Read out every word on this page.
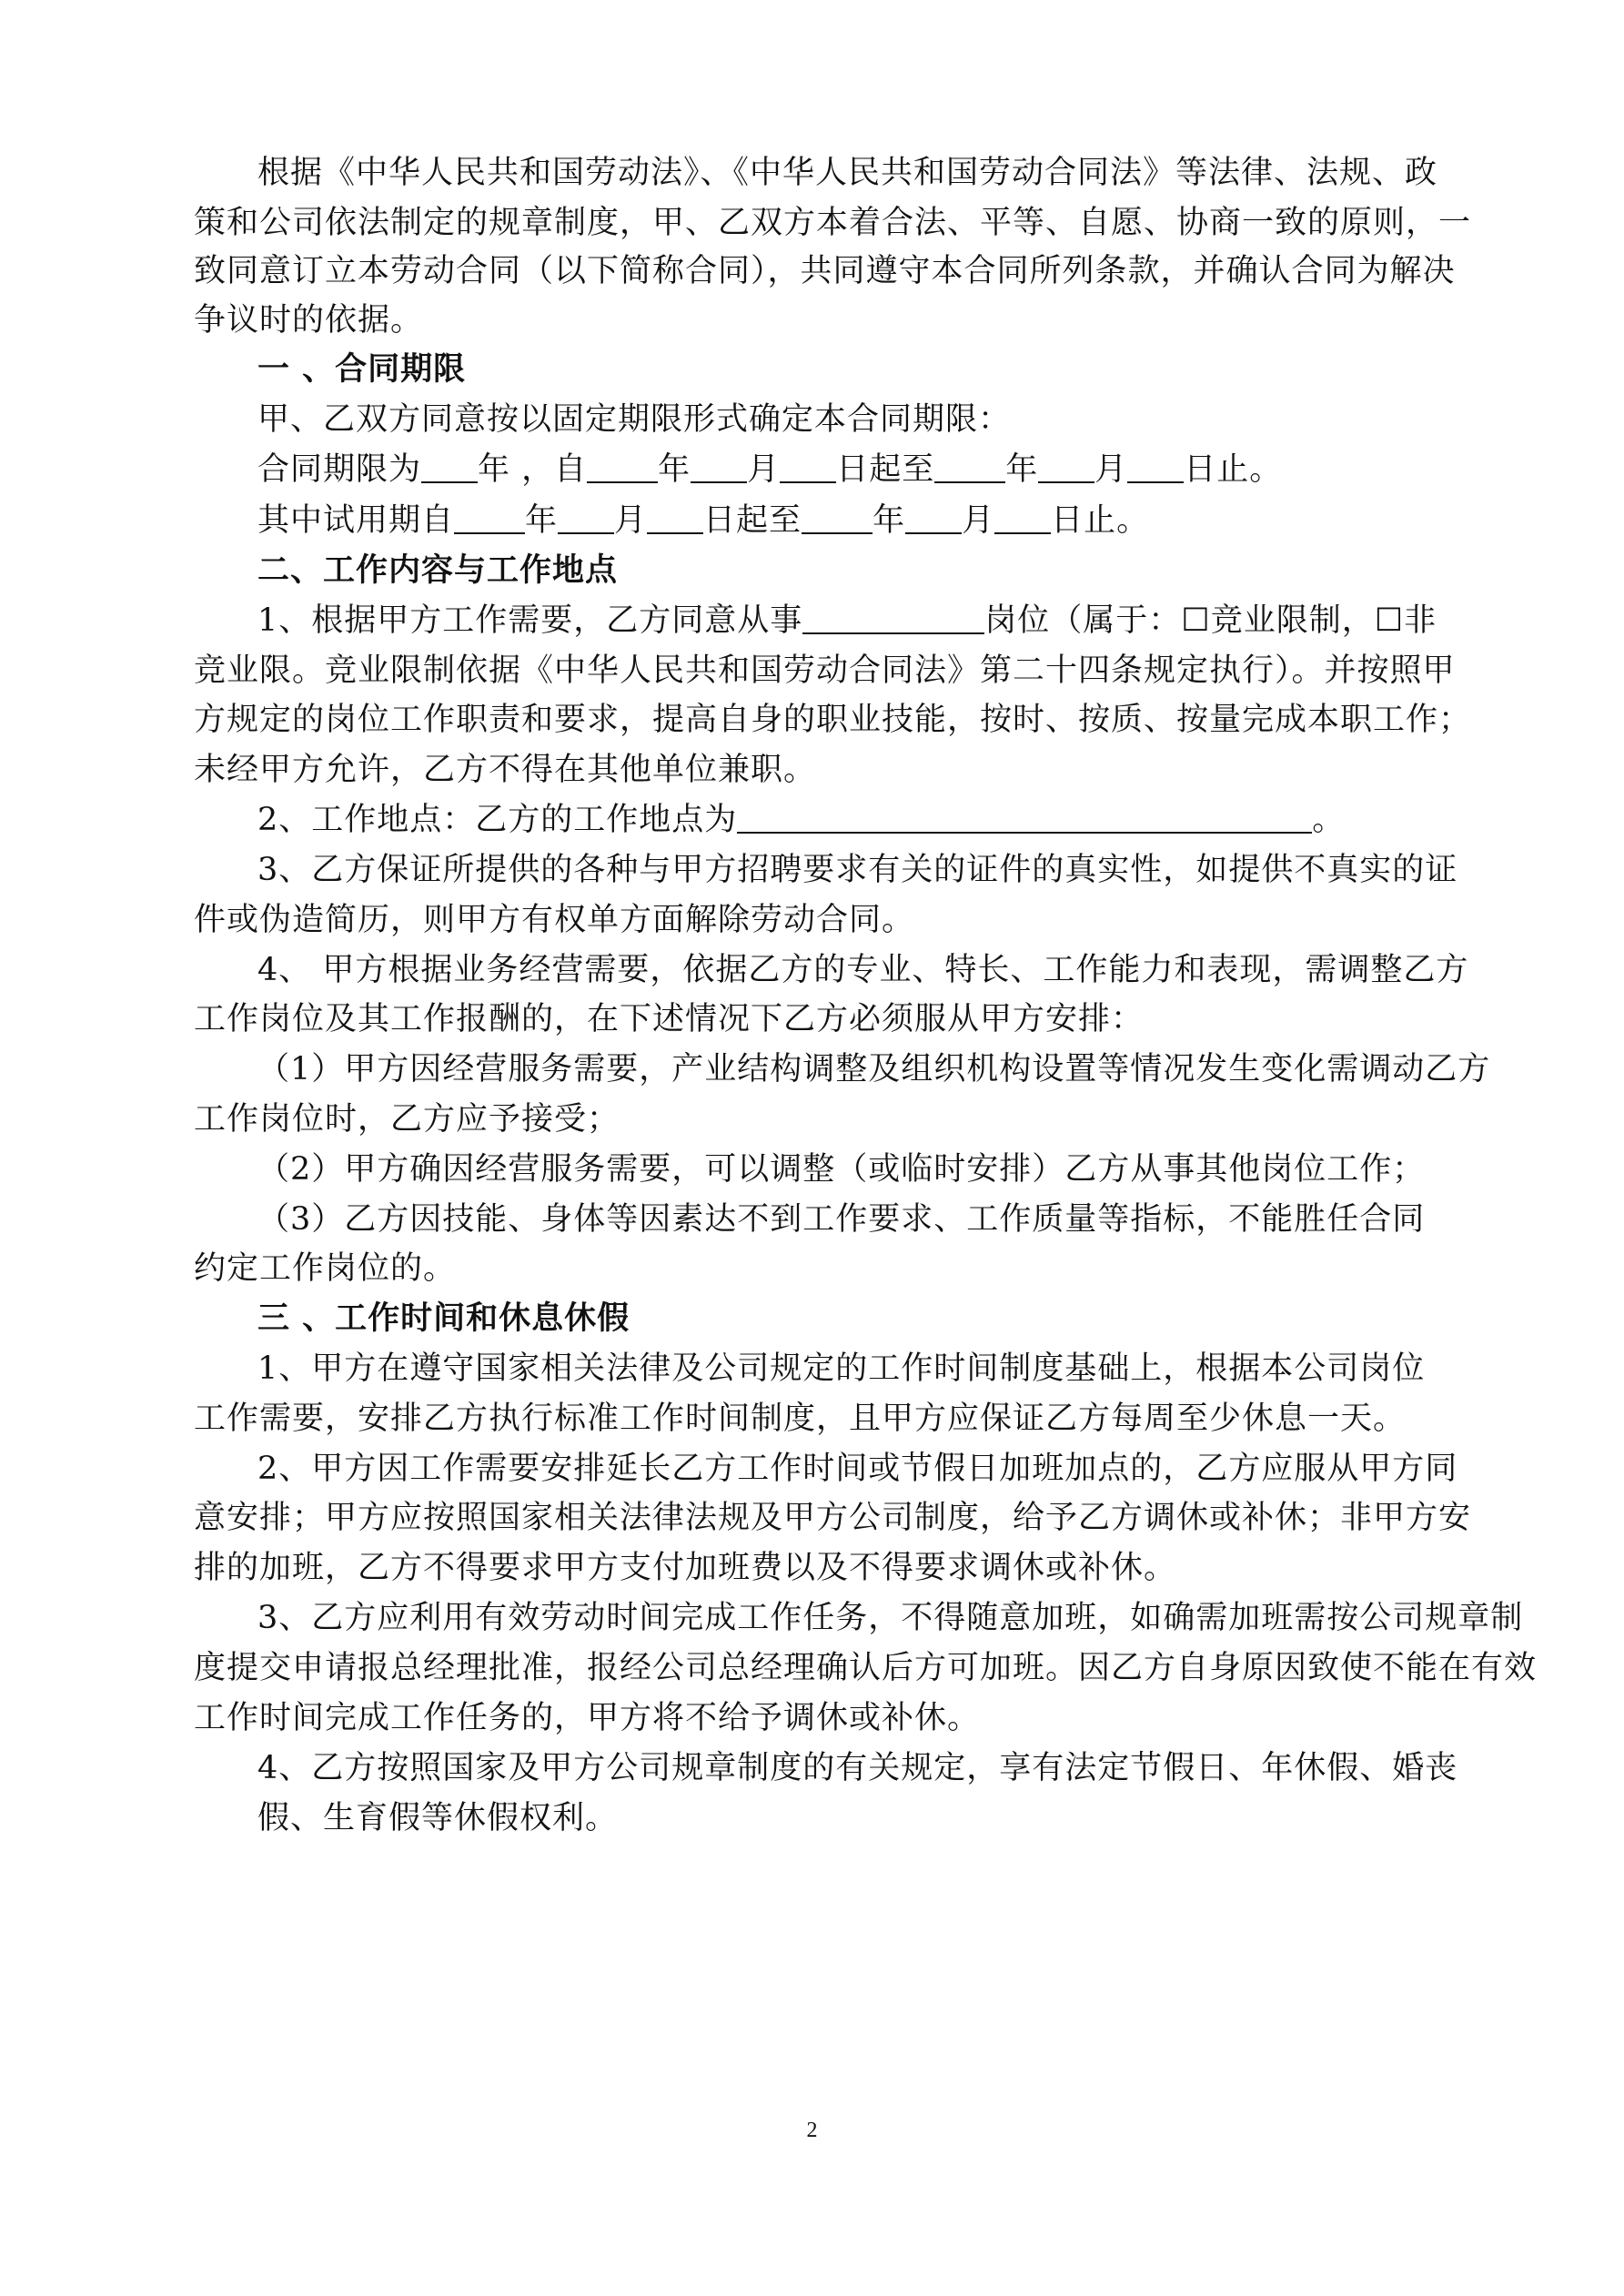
根据《中华人民共和国劳动法》、《中华人民共和国劳动合同法》等法律、法规、政

策和公司依法制定的规章制度，甲、乙双方本着合法、平等、自愿、协商一致的原则，一

致同意订立本劳动合同（以下简称合同），共同遵守本合同所列条款，并确认合同为解决

争议时的依据。

一 、合同期限

甲、乙双方同意按以固定期限形式确定本合同期限：

合同期限为 年 ，自 年 月 日起至 年 月 日止。

其中试用期自 年 月 日起至 年 月 日止。

二、工作内容与工作地点

1、根据甲方工作需要，乙方同意从事	岗位（属于：☐竞业限制，☐非

竞业限。竞业限制依据《中华人民共和国劳动合同法》第二十四条规定执行）。并按照甲

方规定的岗位工作职责和要求，提高自身的职业技能，按时、按质、按量完成本职工作；

未经甲方允许，乙方不得在其他单位兼职。

2、工作地点：乙方的工作地点为	。

3、乙方保证所提供的各种与甲方招聘要求有关的证件的真实性，如提供不真实的证

件或伪造简历，则甲方有权单方面解除劳动合同。

4、 甲方根据业务经营需要，依据乙方的专业、特长、工作能力和表现，需调整乙方

工作岗位及其工作报酬的，在下述情况下乙方必须服从甲方安排：

（1）甲方因经营服务需要，产业结构调整及组织机构设置等情况发生变化需调动乙方

工作岗位时，乙方应予接受；

（2）甲方确因经营服务需要，可以调整（或临时安排）乙方从事其他岗位工作；

（3）乙方因技能、身体等因素达不到工作要求、工作质量等指标，不能胜任合同

约定工作岗位的。

三 、工作时间和休息休假

1、甲方在遵守国家相关法律及公司规定的工作时间制度基础上，根据本公司岗位

工作需要，安排乙方执行标准工作时间制度，且甲方应保证乙方每周至少休息一天。

2、甲方因工作需要安排延长乙方工作时间或节假日加班加点的，乙方应服从甲方同

意安排；甲方应按照国家相关法律法规及甲方公司制度，给予乙方调休或补休；非甲方安

排的加班，乙方不得要求甲方支付加班费以及不得要求调休或补休。

3、乙方应利用有效劳动时间完成工作任务，不得随意加班，如确需加班需按公司规章制

度提交申请报总经理批准，报经公司总经理确认后方可加班。因乙方自身原因致使不能在有效

工作时间完成工作任务的，甲方将不给予调休或补休。

4、乙方按照国家及甲方公司规章制度的有关规定，享有法定节假日、年休假、婚丧

假、生育假等休假权利。

2
